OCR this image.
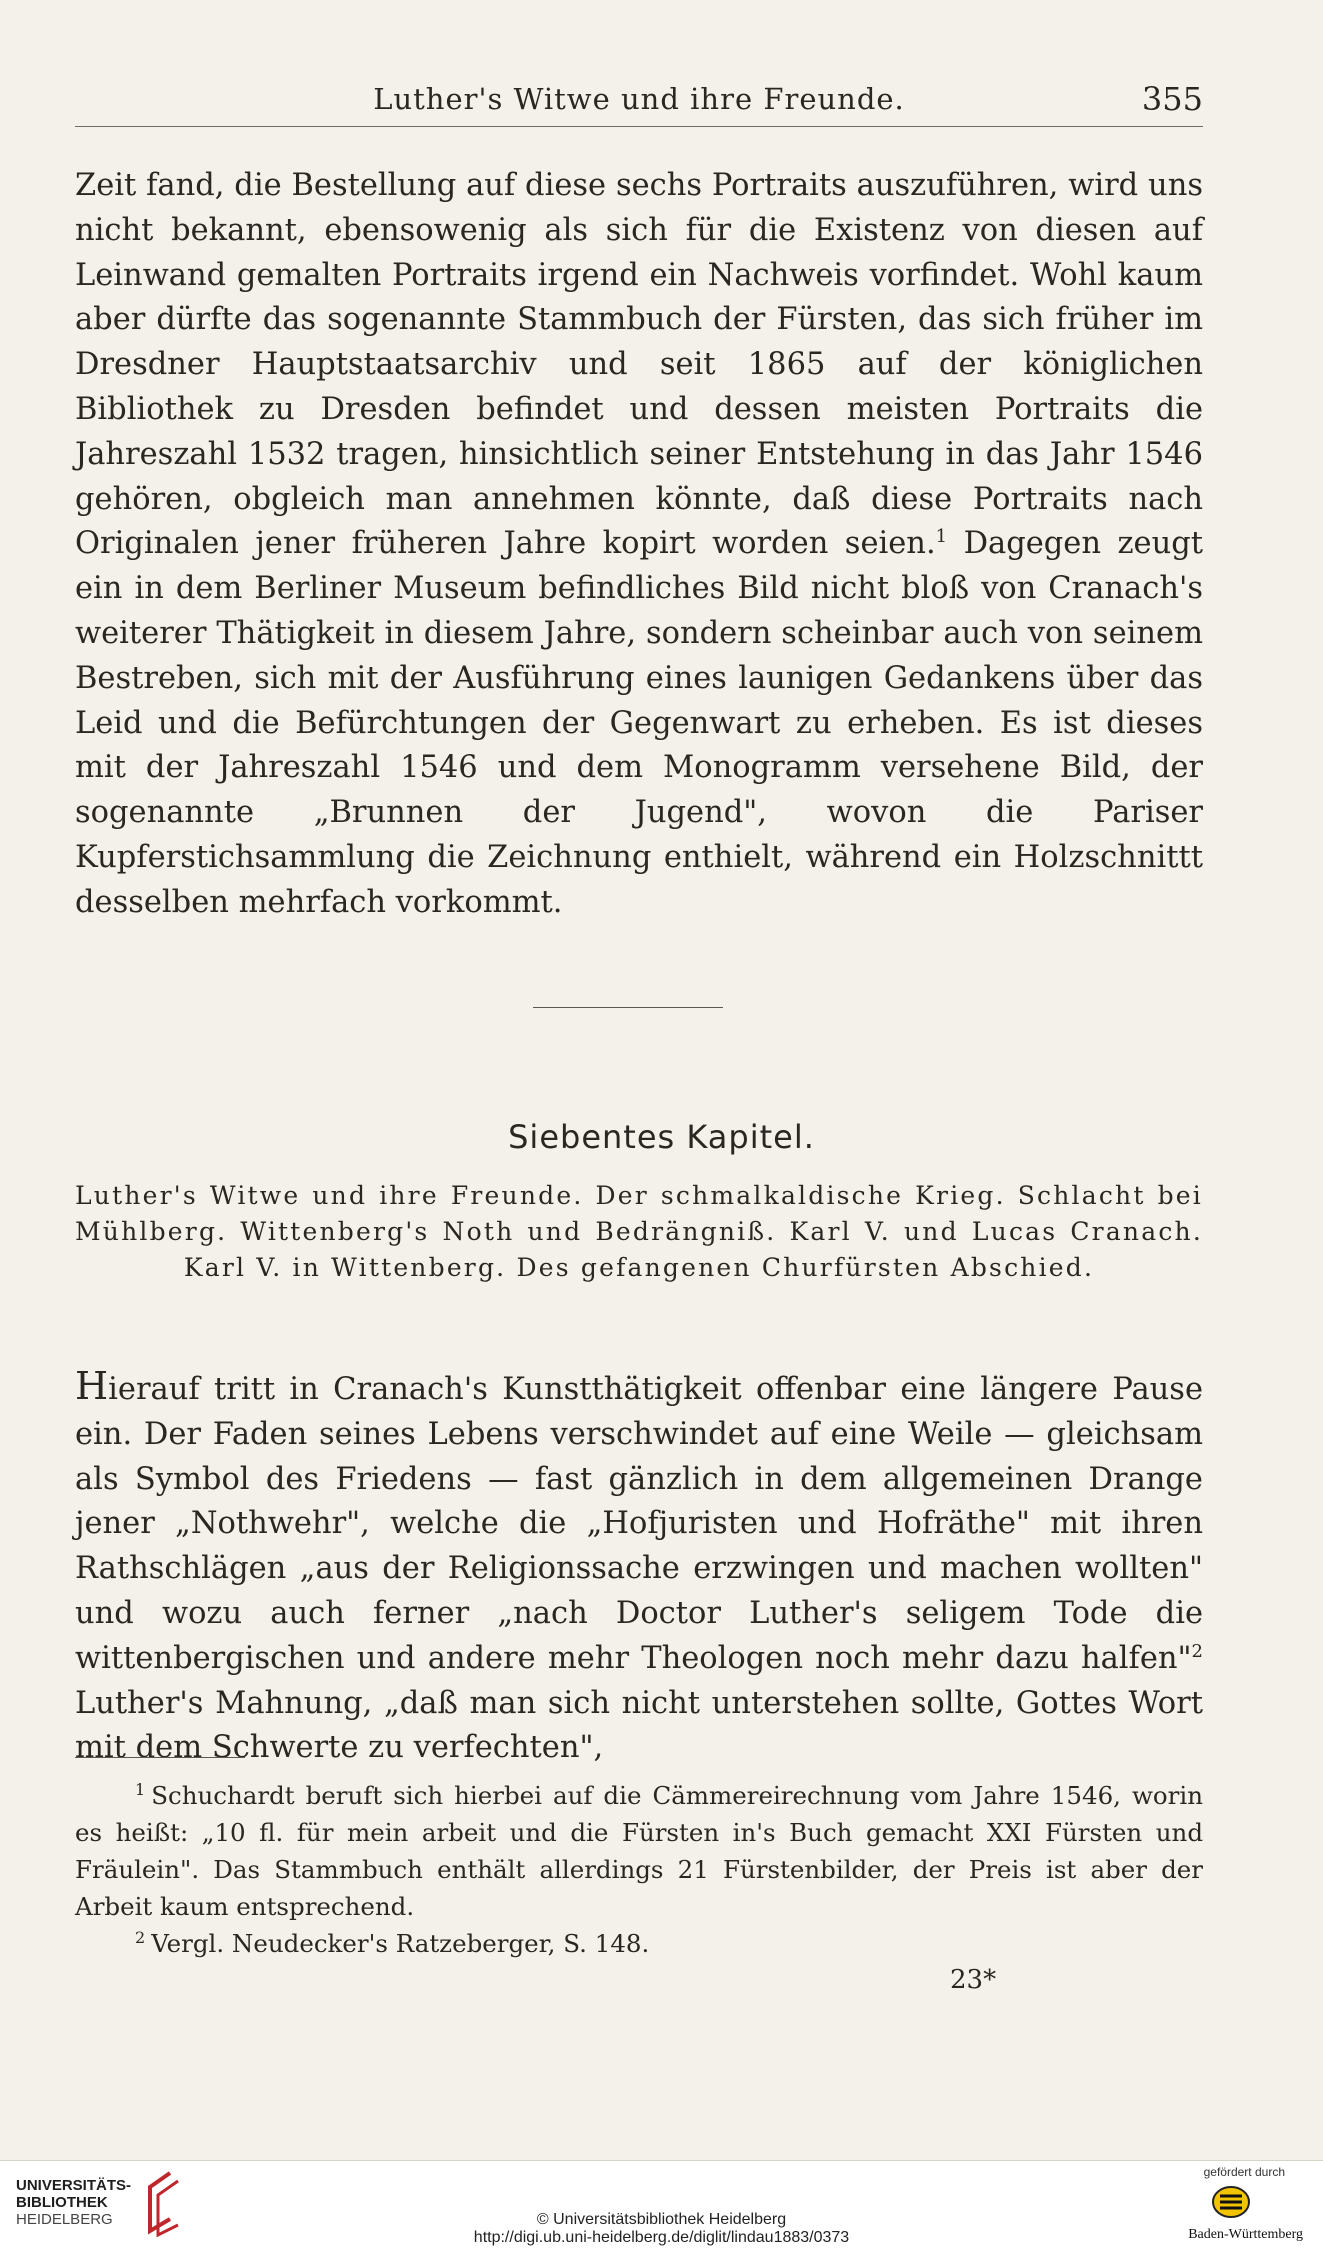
Luther's Witwe und ihre Freunde.	355
Zeit fand, die Bestellung auf diese sechs Portraits auszuführen, wird uns nicht bekannt, ebensowenig als sich für die Existenz von diesen auf Leinwand gemalten Portraits irgend ein Nachweis vorfindet. Wohl kaum aber dürfte das sogenannte Stammbuch der Fürsten, das sich früher im Dresdner Hauptstaatsarchiv und seit 1865 auf der königlichen Bibliothek zu Dresden befindet und dessen meisten Portraits die Jahreszahl 1532 tragen, hinsichtlich seiner Entstehung in das Jahr 1546 gehören, obgleich man annehmen könnte, daß diese Portraits nach Originalen jener früheren Jahre kopirt worden seien.$^1$ Dagegen zeugt ein in dem Berliner Museum befindliches Bild nicht bloß von Cranach's weiterer Thätigkeit in diesem Jahre, sondern scheinbar auch von seinem Bestreben, sich mit der Ausführung eines launigen Gedankens über das Leid und die Befürchtungen der Gegenwart zu erheben. Es ist dieses mit der Jahreszahl 1546 und dem Monogramm versehene Bild, der sogenannte „Brunnen der Jugend", wovon die Pariser Kupferstichsammlung die Zeichnung enthielt, während ein Holzschnittt desselben mehrfach vorkommt.
Siebentes Kapitel.
Luther's Witwe und ihre Freunde. Der schmalkaldische Krieg. Schlacht bei Mühlberg. Wittenberg's Noth und Bedrängniß. Karl V. und Lucas Cranach. Karl V. in Wittenberg. Des gefangenen Churfürsten Abschied.
Hierauf tritt in Cranach's Kunstthätigkeit offenbar eine längere Pause ein. Der Faden seines Lebens verschwindet auf eine Weile — gleichsam als Symbol des Friedens — fast gänzlich in dem allgemeinen Drange jener „Nothwehr", welche die „Hofjuristen und Hofräthe" mit ihren Rathschlägen „aus der Religionssache erzwingen und machen wollten" und wozu auch ferner „nach Doctor Luther's seligem Tode die wittenbergischen und andere mehr Theologen noch mehr dazu halfen"$^2$ Luther's Mahnung, „daß man sich nicht unterstehen sollte, Gottes Wort mit dem Schwerte zu verfechten",

$^1$ Schuchardt beruft sich hierbei auf die Cämmereirechnung vom Jahre 1546, worin es heißt: „10 fl. für mein arbeit und die Fürsten in's Buch gemacht XXI Fürsten und Fräulein". Das Stammbuch enthält allerdings 21 Fürstenbilder, der Preis ist aber der Arbeit kaum entsprechend.

$^2$ Vergl. Neudecker's Ratzeberger, S. 148.

23*
UNIVERSITÄTS-
BIBLIOTHEK
HEIDELBERG	© Universitätsbibliothek Heidelberg
http://digi.ub.uni-heidelberg.de/diglit/lindau1883/0373
gefördert durch
Baden-Württemberg
